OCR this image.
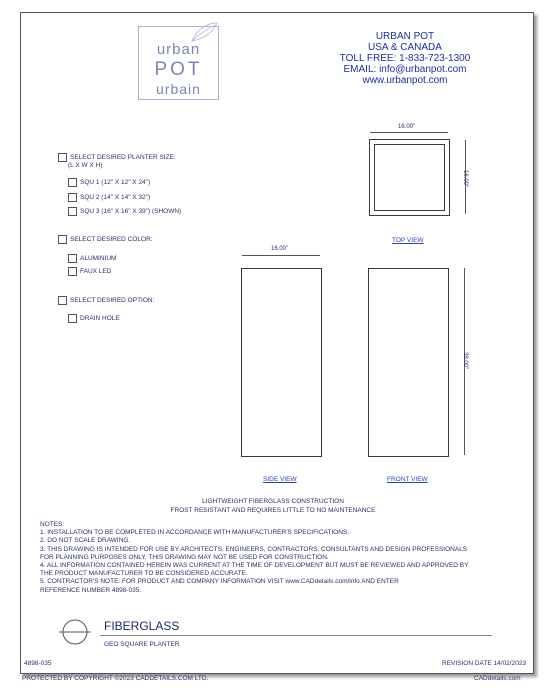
urban
POT
urbain
URBAN POT
USA & CANADA
TOLL FREE: 1-833-723-1300
EMAIL: info@urbanpot.com
www.urbanpot.com
SELECT DESIRED PLANTER SIZE:
(L X W X H)
SQU 1 (12" X 12" X 24")
SQU 2 (14" X 14" X 32")
SQU 3 (16" X 16" X 39") (SHOWN)
SELECT DESIRED COLOR:
ALUMINIUM
FAUX LED
SELECT DESIRED OPTION:
DRAIN HOLE
16.00"
16.00"
TOP VIEW
16.00"
SIDE VIEW
39.00"
FRONT VIEW
LIGHTWEIGHT FIBERGLASS CONSTRUCTION
FROST RESISTANT AND REQUIRES LITTLE TO NO MAINTENANCE
NOTES:
1. INSTALLATION TO BE COMPLETED IN ACCORDANCE WITH MANUFACTURER'S SPECIFICATIONS.
2. DO NOT SCALE DRAWING.
3. THIS DRAWING IS INTENDED FOR USE BY ARCHITECTS, ENGINEERS, CONTRACTORS, CONSULTANTS AND DESIGN PROFESSIONALS
FOR PLANNING PURPOSES ONLY. THIS DRAWING MAY NOT BE USED FOR CONSTRUCTION.
4. ALL INFORMATION CONTAINED HEREIN WAS CURRENT AT THE TIME OF DEVELOPMENT BUT MUST BE REVIEWED AND APPROVED BY
THE PRODUCT MANUFACTURER TO BE CONSIDERED ACCURATE.
5. CONTRACTOR'S NOTE: FOR PRODUCT AND COMPANY INFORMATION VISIT www.CADdetails.com/info AND ENTER
REFERENCE NUMBER 4898-035.
FIBERGLASS
GEO SQUARE PLANTER
4898-035	REVISION DATE 14/02/2023
PROTECTED BY COPYRIGHT ©2023 CADDETAILS.COM LTD.	CADdetails.com
